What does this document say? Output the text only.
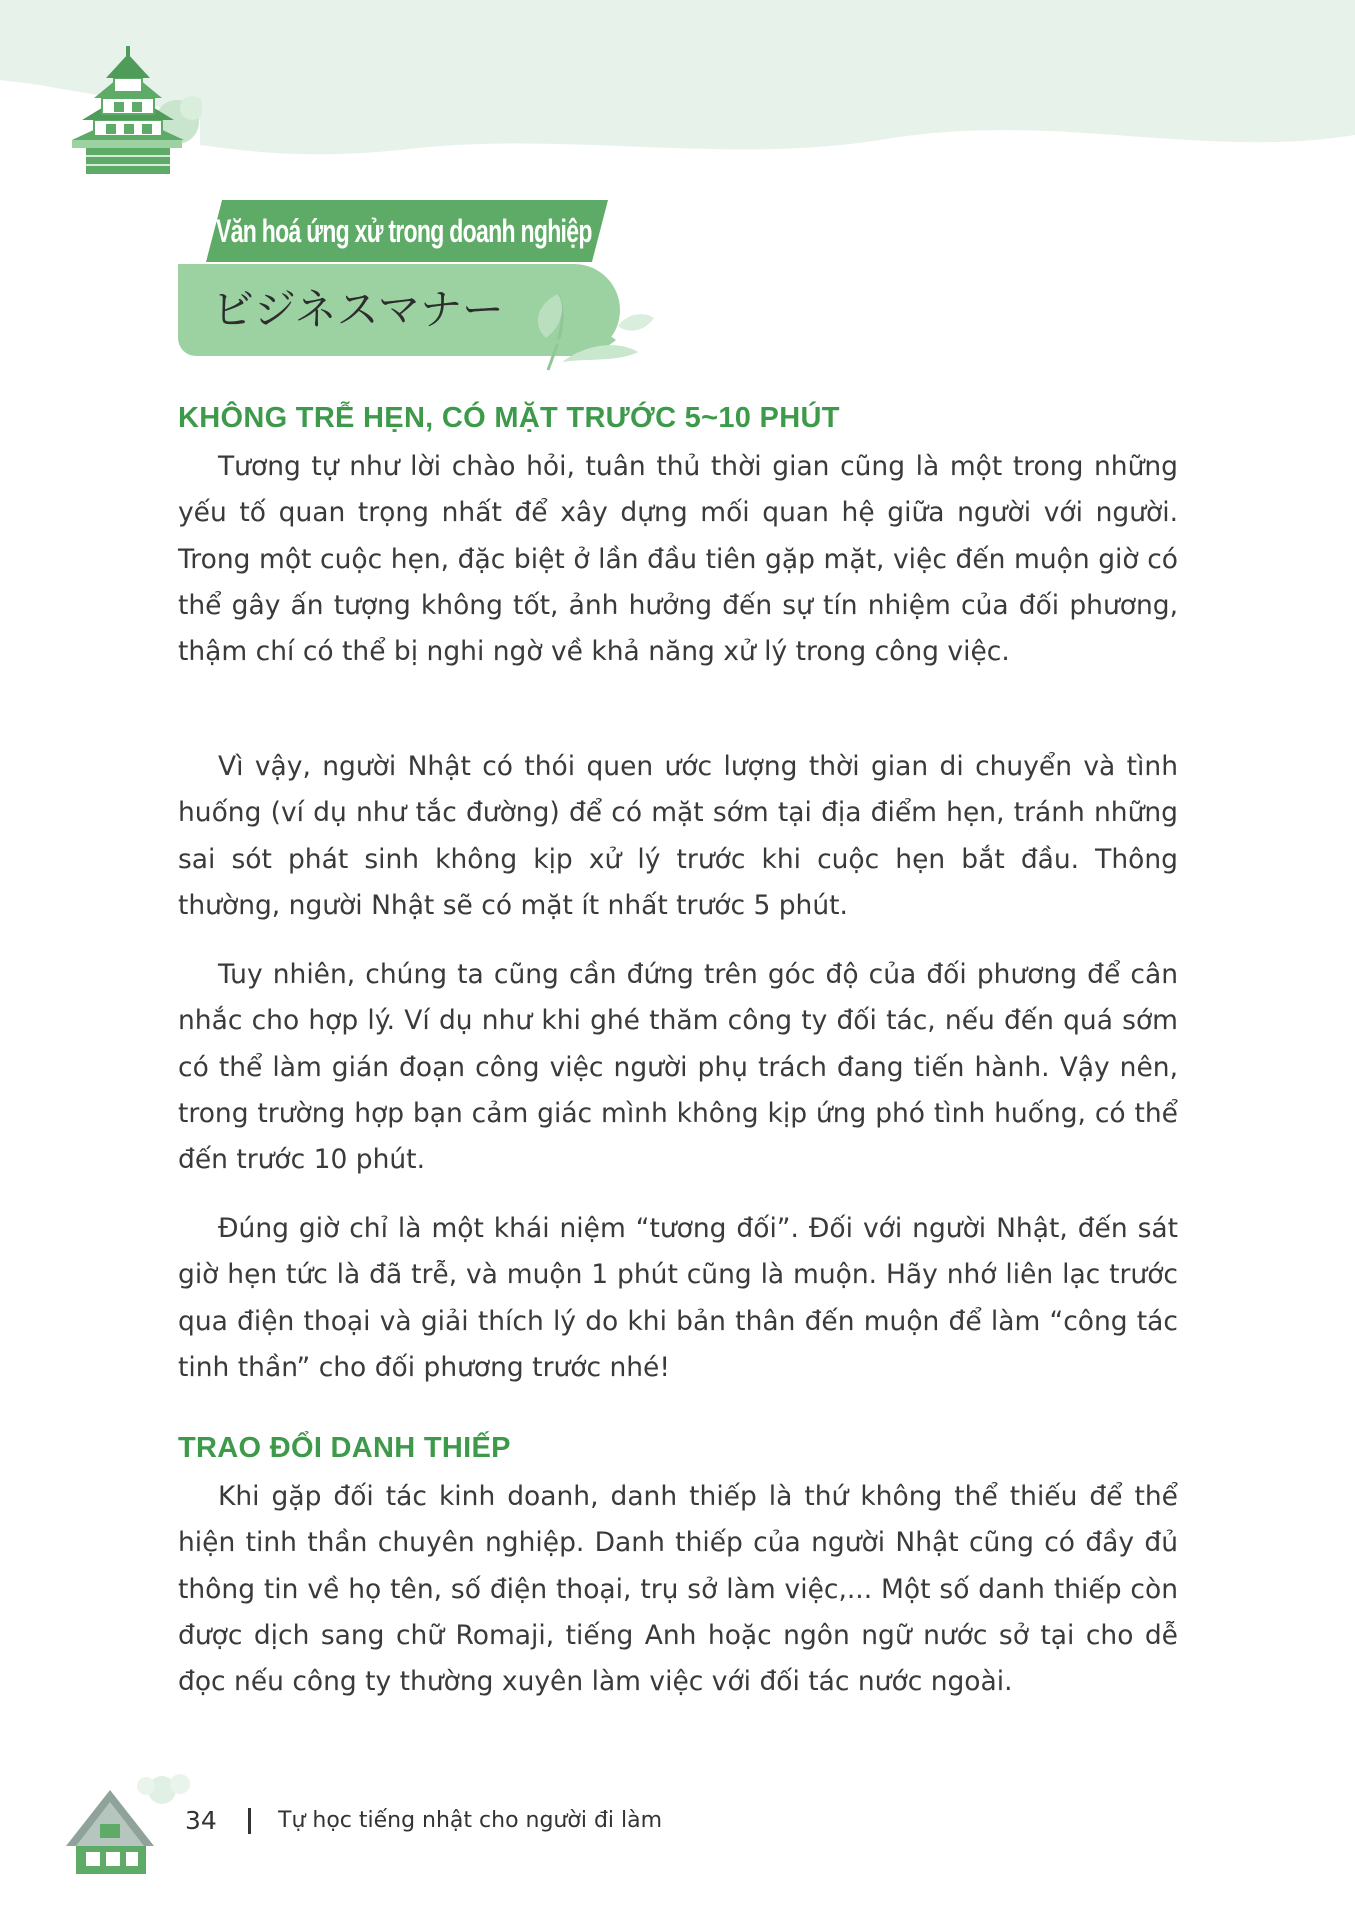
Văn hoá ứng xử trong doanh nghiệp
ビジネスマナー
KHÔNG TRỄ HẸN, CÓ MẶT TRƯỚC 5~10 PHÚT

Tương tự như lời chào hỏi, tuân thủ thời gian cũng là một trong những yếu tố quan trọng nhất để xây dựng mối quan hệ giữa người với người. Trong một cuộc hẹn, đặc biệt ở lần đầu tiên gặp mặt, việc đến muộn giờ có thể gây ấn tượng không tốt, ảnh hưởng đến sự tín nhiệm của đối phương, thậm chí có thể bị nghi ngờ về khả năng xử lý trong công việc.

Vì vậy, người Nhật có thói quen ước lượng thời gian di chuyển và tình huống (ví dụ như tắc đường) để có mặt sớm tại địa điểm hẹn, tránh những sai sót phát sinh không kịp xử lý trước khi cuộc hẹn bắt đầu. Thông thường, người Nhật sẽ có mặt ít nhất trước 5 phút.

Tuy nhiên, chúng ta cũng cần đứng trên góc độ của đối phương để cân nhắc cho hợp lý. Ví dụ như khi ghé thăm công ty đối tác, nếu đến quá sớm có thể làm gián đoạn công việc người phụ trách đang tiến hành. Vậy nên, trong trường hợp bạn cảm giác mình không kịp ứng phó tình huống, có thể đến trước 10 phút.

Đúng giờ chỉ là một khái niệm “tương đối”. Đối với người Nhật, đến sát giờ hẹn tức là đã trễ, và muộn 1 phút cũng là muộn. Hãy nhớ liên lạc trước qua điện thoại và giải thích lý do khi bản thân đến muộn để làm “công tác tinh thần” cho đối phương trước nhé!

TRAO ĐỔI DANH THIẾP

Khi gặp đối tác kinh doanh, danh thiếp là thứ không thể thiếu để thể hiện tinh thần chuyên nghiệp. Danh thiếp của người Nhật cũng có đầy đủ thông tin về họ tên, số điện thoại, trụ sở làm việc,... Một số danh thiếp còn được dịch sang chữ Romaji, tiếng Anh hoặc ngôn ngữ nước sở tại cho dễ đọc nếu công ty thường xuyên làm việc với đối tác nước ngoài.

34	Tự học tiếng nhật cho người đi làm
